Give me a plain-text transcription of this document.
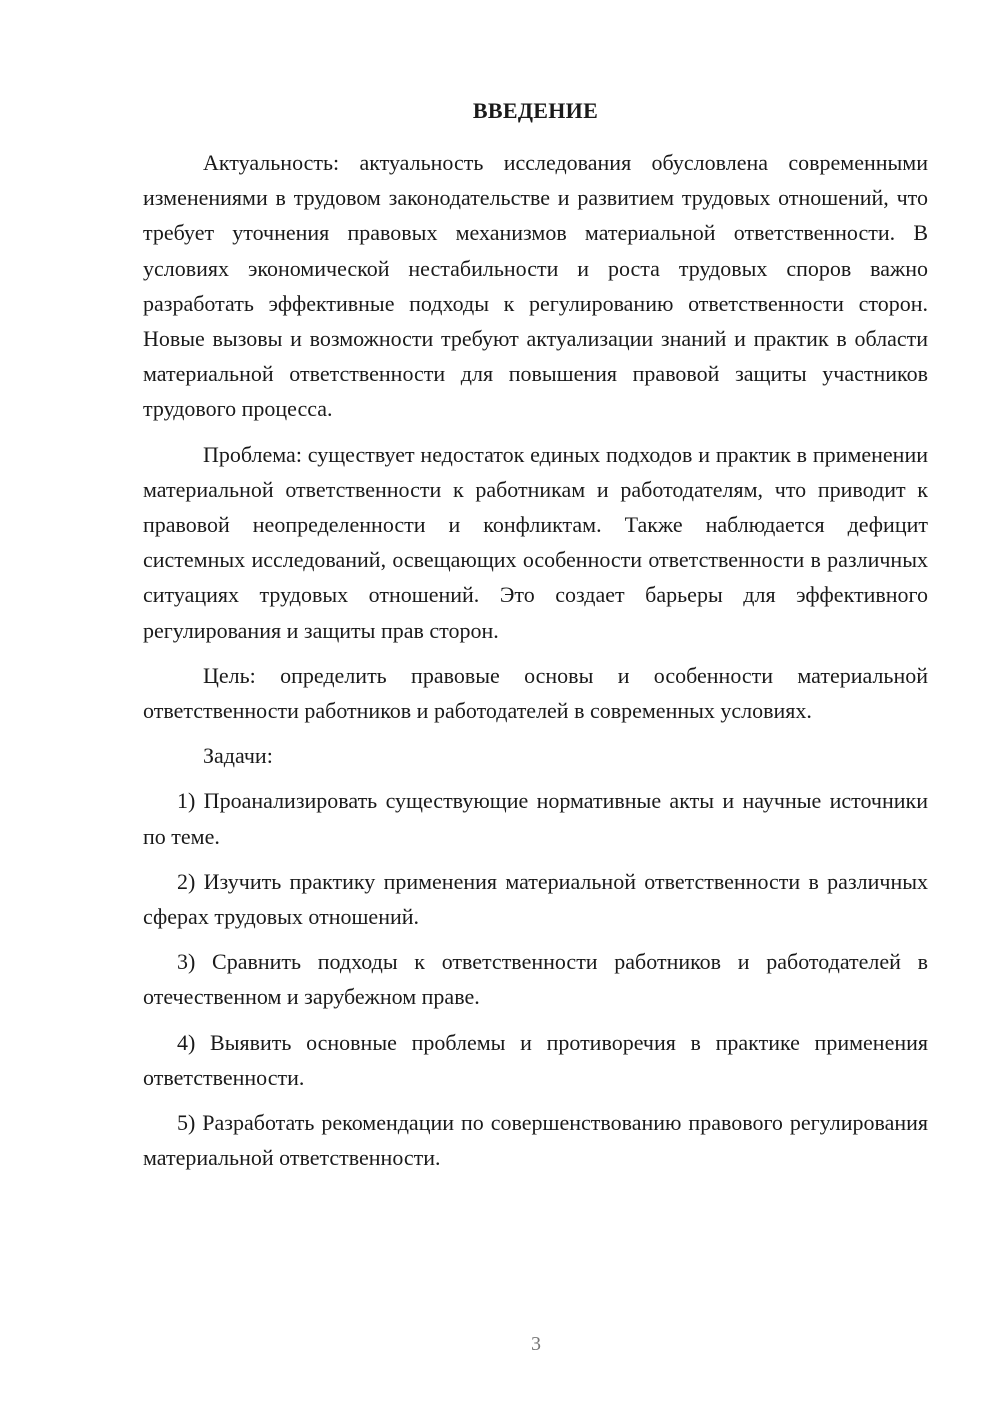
ВВЕДЕНИЕ

Актуальность: актуальность исследования обусловлена современными изменениями в трудовом законодательстве и развитием трудовых отношений, что требует уточнения правовых механизмов материальной ответственности. В условиях экономической нестабильности и роста трудовых споров важно разработать эффективные подходы к регулированию ответственности сторон. Новые вызовы и возможности требуют актуализации знаний и практик в области материальной ответственности для повышения правовой защиты участников трудового процесса.

Проблема: существует недостаток единых подходов и практик в применении материальной ответственности к работникам и работодателям, что приводит к правовой неопределенности и конфликтам. Также наблюдается дефицит системных исследований, освещающих особенности ответственности в различных ситуациях трудовых отношений. Это создает барьеры для эффективного регулирования и защиты прав сторон.

Цель: определить правовые основы и особенности материальной ответственности работников и работодателей в современных условиях.

Задачи:

1) Проанализировать существующие нормативные акты и научные источники по теме.

2) Изучить практику применения материальной ответственности в различных сферах трудовых отношений.

3) Сравнить подходы к ответственности работников и работодателей в отечественном и зарубежном праве.

4) Выявить основные проблемы и противоречия в практике применения ответственности.

5) Разработать рекомендации по совершенствованию правового регулирования материальной ответственности.

3
